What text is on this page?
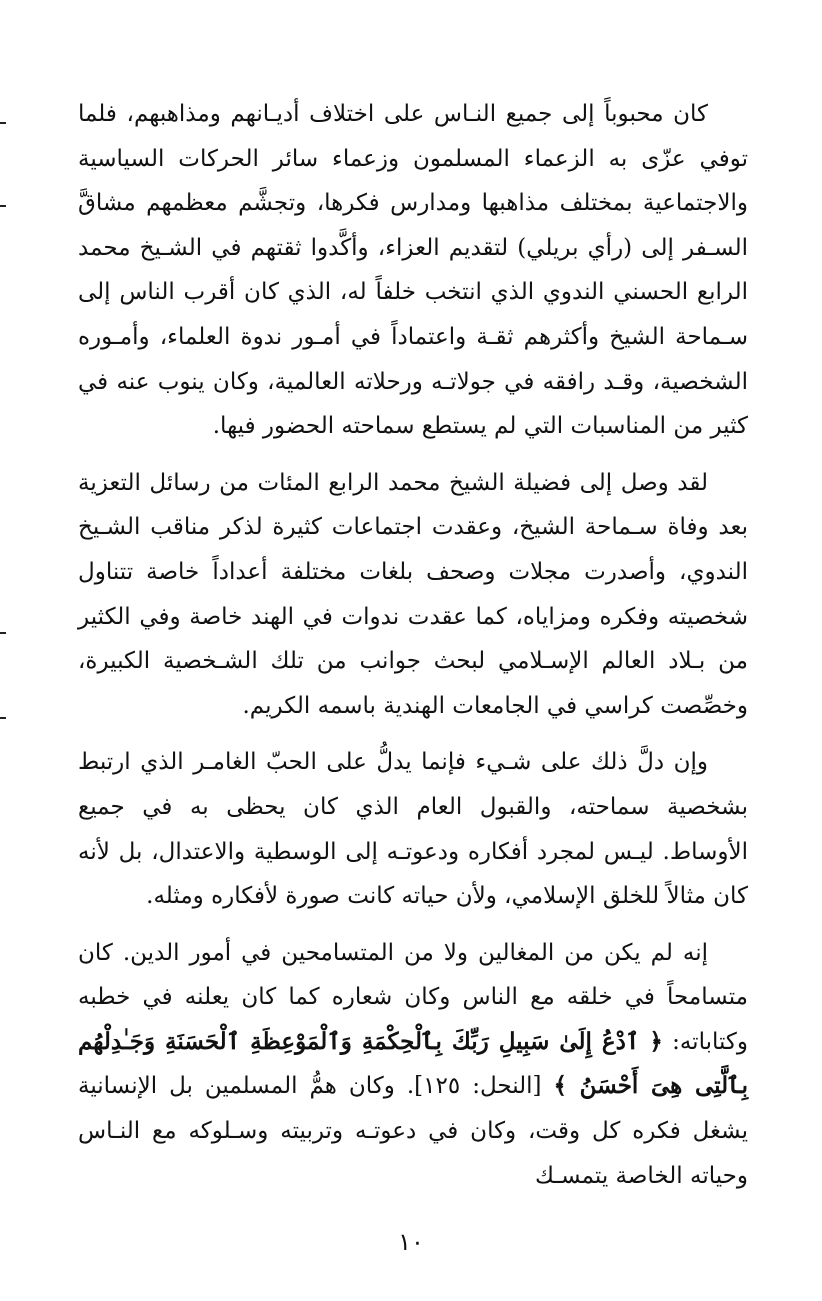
كان محبوباً إلى جميع النـاس على اختلاف أديـانهم ومذاهبهم، فلما توفي عزّى به الزعماء المسلمون وزعماء سائر الحركات السياسية والاجتماعية بمختلف مذاهبها ومدارس فكرها، وتجشَّم معظمهم مشاقَّ السـفر إلى (رأي بريلي) لتقديم العزاء، وأكَّدوا ثقتهم في الشـيخ محمد الرابع الحسني الندوي الذي انتخب خلفاً له، الذي كان أقرب الناس إلى سـماحة الشيخ وأكثرهم ثقـة واعتماداً في أمـور ندوة العلماء، وأمـوره الشخصية، وقـد رافقه في جولاتـه ورحلاته العالمية، وكان ينوب عنه في كثير من المناسبات التي لم يستطع سماحته الحضور فيها.

لقد وصل إلى فضيلة الشيخ محمد الرابع المئات من رسائل التعزية بعد وفاة سـماحة الشيخ، وعقدت اجتماعات كثيرة لذكر مناقب الشـيخ الندوي، وأصدرت مجلات وصحف بلغات مختلفة أعداداً خاصة تتناول شخصيته وفكره ومزاياه، كما عقدت ندوات في الهند خاصة وفي الكثير من بـلاد العالم الإسـلامي لبحث جوانب من تلك الشـخصية الكبيرة، وخصِّصت كراسي في الجامعات الهندية باسمه الكريم.

وإن دلَّ ذلك على شـيء فإنما يدلُّ على الحبّ الغامـر الذي ارتبط بشخصية سماحته، والقبول العام الذي كان يحظى به في جميع الأوساط. ليـس لمجرد أفكاره ودعوتـه إلى الوسطية والاعتدال، بل لأنه كان مثالاً للخلق الإسلامي، ولأن حياته كانت صورة لأفكاره ومثله.

إنه لم يكن من المغالين ولا من المتسامحين في أمور الدين. كان متسامحاً في خلقه مع الناس وكان شعاره كما كان يعلنه في خطبه وكتاباته: ﴿ ٱدْعُ إِلَىٰ سَبِيلِ رَبِّكَ بِٱلْحِكْمَةِ وَٱلْمَوْعِظَةِ ٱلْحَسَنَةِ وَجَـٰدِلْهُم بِٱلَّتِى هِىَ أَحْسَنُ ﴾ [النحل: ١٢٥]. وكان همُّ المسلمين بل الإنسانية يشغل فكره كل وقت، وكان في دعوتـه وتربيته وسـلوكه مع النـاس وحياته الخاصة يتمسـك

١٠
